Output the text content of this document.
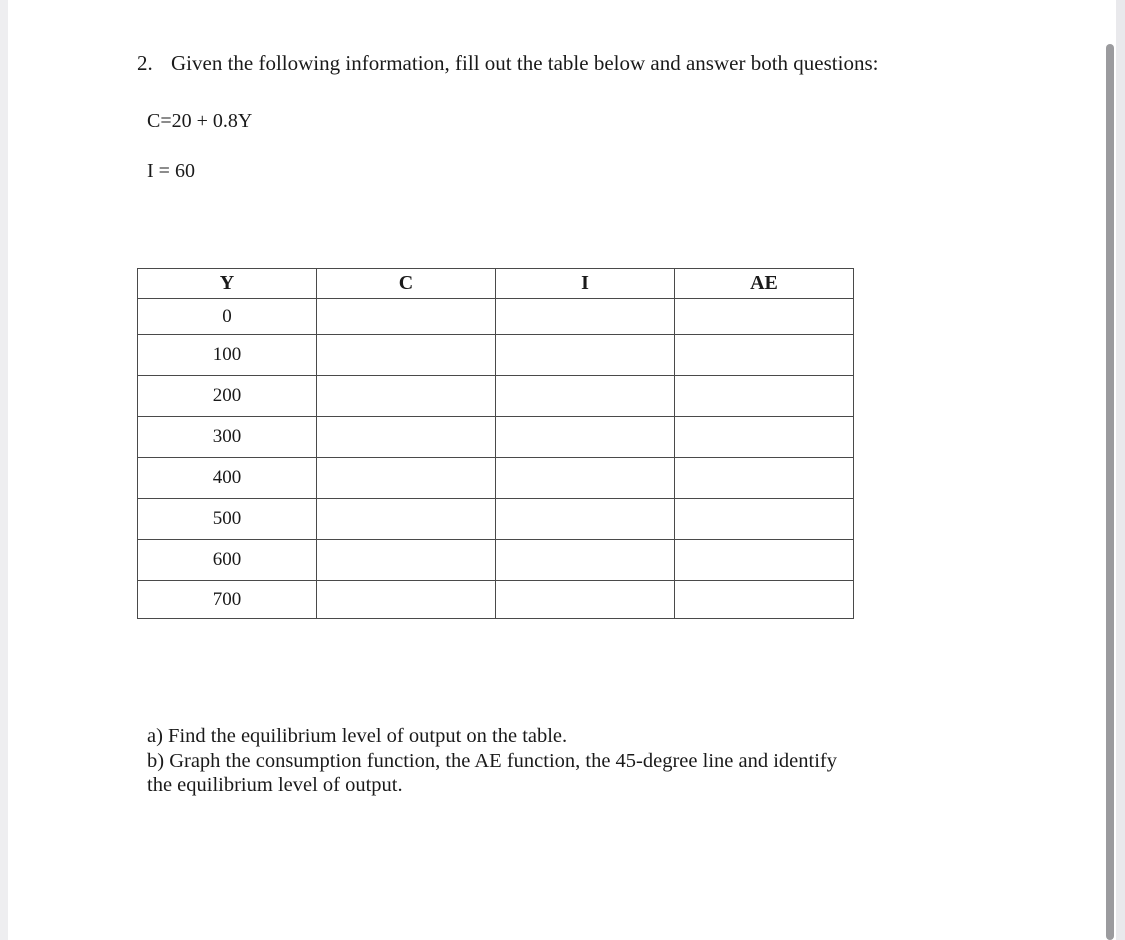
2. Given the following information, fill out the table below and answer both questions:
C=20 + 0.8Y
I = 60
Y	C	I	AE
0			
100			
200			
300			
400			
500			
600			
700			

a) Find the equilibrium level of output on the table.

b) Graph the consumption function, the AE function, the 45-degree line and identify the equilibrium level of output.
